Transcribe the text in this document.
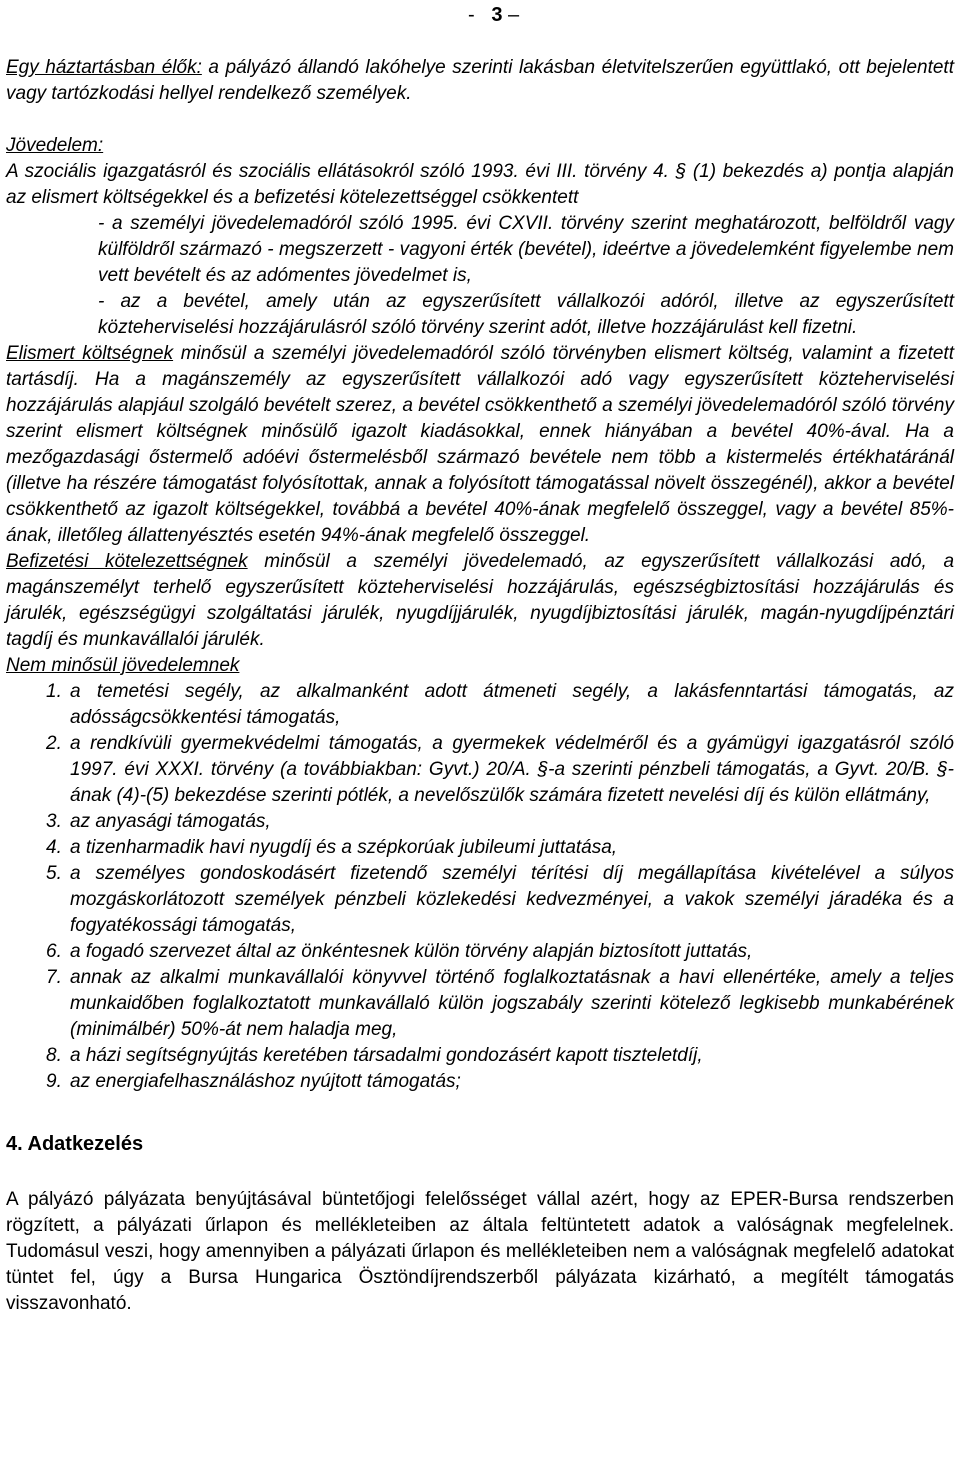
- 3 –

Egy háztartásban élők: a pályázó állandó lakóhelye szerinti lakásban életvitelszerűen együttlakó, ott bejelentett vagy tartózkodási hellyel rendelkező személyek.

Jövedelem:

A szociális igazgatásról és szociális ellátásokról szóló 1993. évi III. törvény 4. § (1) bekezdés a) pontja alapján az elismert költségekkel és a befizetési kötelezettséggel csökkentett

- a személyi jövedelemadóról szóló 1995. évi CXVII. törvény szerint meghatározott, belföldről vagy külföldről származó - megszerzett - vagyoni érték (bevétel), ideértve a jövedelemként figyelembe nem vett bevételt és az adómentes jövedelmet is,

- az a bevétel, amely után az egyszerűsített vállalkozói adóról, illetve az egyszerűsített közteherviselési hozzájárulásról szóló törvény szerint adót, illetve hozzájárulást kell fizetni.

Elismert költségnek minősül a személyi jövedelemadóról szóló törvényben elismert költség, valamint a fizetett tartásdíj. Ha a magánszemély az egyszerűsített vállalkozói adó vagy egyszerűsített közteherviselési hozzájárulás alapjául szolgáló bevételt szerez, a bevétel csökkenthető a személyi jövedelemadóról szóló törvény szerint elismert költségnek minősülő igazolt kiadásokkal, ennek hiányában a bevétel 40%-ával. Ha a mezőgazdasági őstermelő adóévi őstermelésből származó bevétele nem több a kistermelés értékhatáránál (illetve ha részére támogatást folyósítottak, annak a folyósított támogatással növelt összegénél), akkor a bevétel csökkenthető az igazolt költségekkel, továbbá a bevétel 40%-ának megfelelő összeggel, vagy a bevétel 85%-ának, illetőleg állattenyésztés esetén 94%-ának megfelelő összeggel.

Befizetési kötelezettségnek minősül a személyi jövedelemadó, az egyszerűsített vállalkozási adó, a magánszemélyt terhelő egyszerűsített közteherviselési hozzájárulás, egészségbiztosítási hozzájárulás és járulék, egészségügyi szolgáltatási járulék, nyugdíjjárulék, nyugdíjbiztosítási járulék, magán-nyugdíjpénztári tagdíj és munkavállalói járulék.

Nem minősül jövedelemnek

1. a temetési segély, az alkalmanként adott átmeneti segély, a lakásfenntartási támogatás, az adósságcsökkentési támogatás,
2. a rendkívüli gyermekvédelmi támogatás, a gyermekek védelméről és a gyámügyi igazgatásról szóló 1997. évi XXXI. törvény (a továbbiakban: Gyvt.) 20/A. §-a szerinti pénzbeli támogatás, a Gyvt. 20/B. §-ának (4)-(5) bekezdése szerinti pótlék, a nevelőszülők számára fizetett nevelési díj és külön ellátmány,
3. az anyasági támogatás,
4. a tizenharmadik havi nyugdíj és a szépkorúak jubileumi juttatása,
5. a személyes gondoskodásért fizetendő személyi térítési díj megállapítása kivételével a súlyos mozgáskorlátozott személyek pénzbeli közlekedési kedvezményei, a vakok személyi járadéka és a fogyatékossági támogatás,
6. a fogadó szervezet által az önkéntesnek külön törvény alapján biztosított juttatás,
7. annak az alkalmi munkavállalói könyvvel történő foglalkoztatásnak a havi ellenértéke, amely a teljes munkaidőben foglalkoztatott munkavállaló külön jogszabály szerinti kötelező legkisebb munkabérének (minimálbér) 50%-át nem haladja meg,
8. a házi segítségnyújtás keretében társadalmi gondozásért kapott tiszteletdíj,
9. az energiafelhasználáshoz nyújtott támogatás;

4. Adatkezelés

A pályázó pályázata benyújtásával büntetőjogi felelősséget vállal azért, hogy az EPER-Bursa rendszerben rögzített, a pályázati űrlapon és mellékleteiben az általa feltüntetett adatok a valóságnak megfelelnek. Tudomásul veszi, hogy amennyiben a pályázati űrlapon és mellékleteiben nem a valóságnak megfelelő adatokat tüntet fel, úgy a Bursa Hungarica Ösztöndíjrendszerből pályázata kizárható, a megítélt támogatás visszavonható.
